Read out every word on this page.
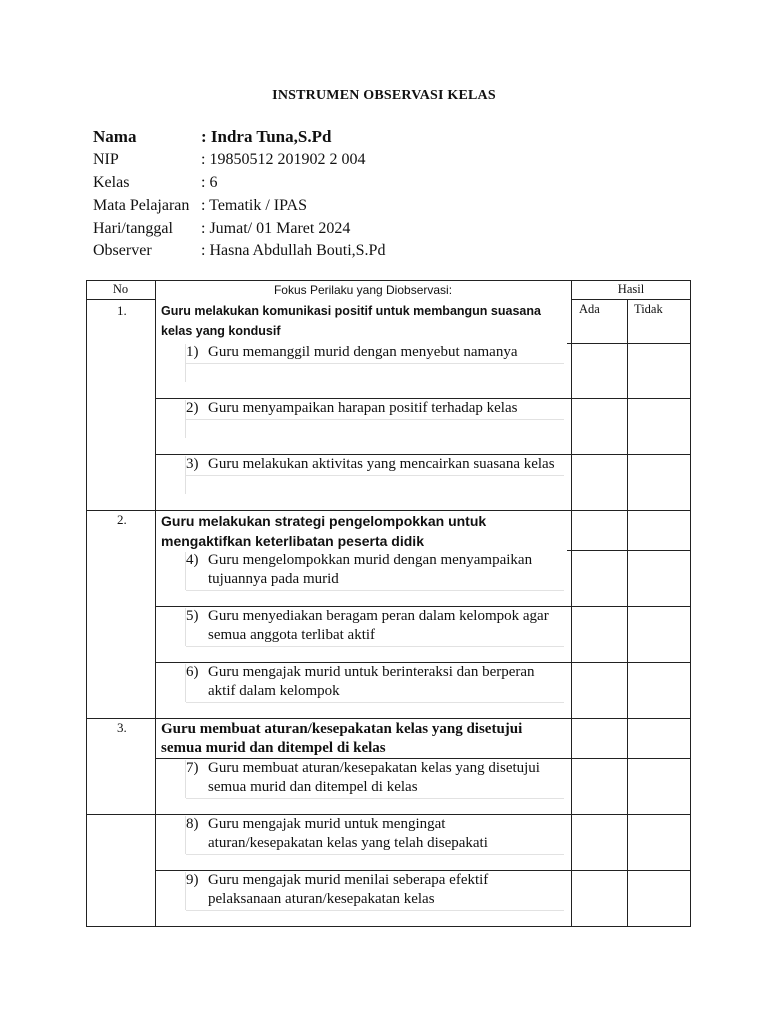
INSTRUMEN OBSERVASI KELAS
Nama	: Indra Tuna,S.Pd
NIP	: 19850512 201902 2 004
Kelas	: 6
Mata Pelajaran : Tematik / IPAS
Hari/tanggal	: Jumat/ 01 Maret 2024
Observer	: Hasna Abdullah Bouti,S.Pd
No	Fokus Perilaku yang Diobservasi:	Hasil
Ada	Tidak
1.	Guru melakukan komunikasi positif untuk membangun suasana kelas yang kondusif
1) Guru memanggil murid dengan menyebut namanya
2) Guru menyampaikan harapan positif terhadap kelas
3) Guru melakukan aktivitas yang mencairkan suasana kelas
2. Guru melakukan strategi pengelompokkan untuk mengaktifkan keterlibatan peserta didik
4) Guru mengelompokkan murid dengan menyampaikan tujuannya pada murid
5) Guru menyediakan beragam peran dalam kelompok agar semua anggota terlibat aktif
6) Guru mengajak murid untuk berinteraksi dan berperan aktif dalam kelompok
3. Guru membuat aturan/kesepakatan kelas yang disetujui semua murid dan ditempel di kelas
7) Guru membuat aturan/kesepakatan kelas yang disetujui semua murid dan ditempel di kelas
8) Guru mengajak murid untuk mengingat aturan/kesepakatan kelas yang telah disepakati
9) Guru mengajak murid menilai seberapa efektif pelaksanaan aturan/kesepakatan kelas
